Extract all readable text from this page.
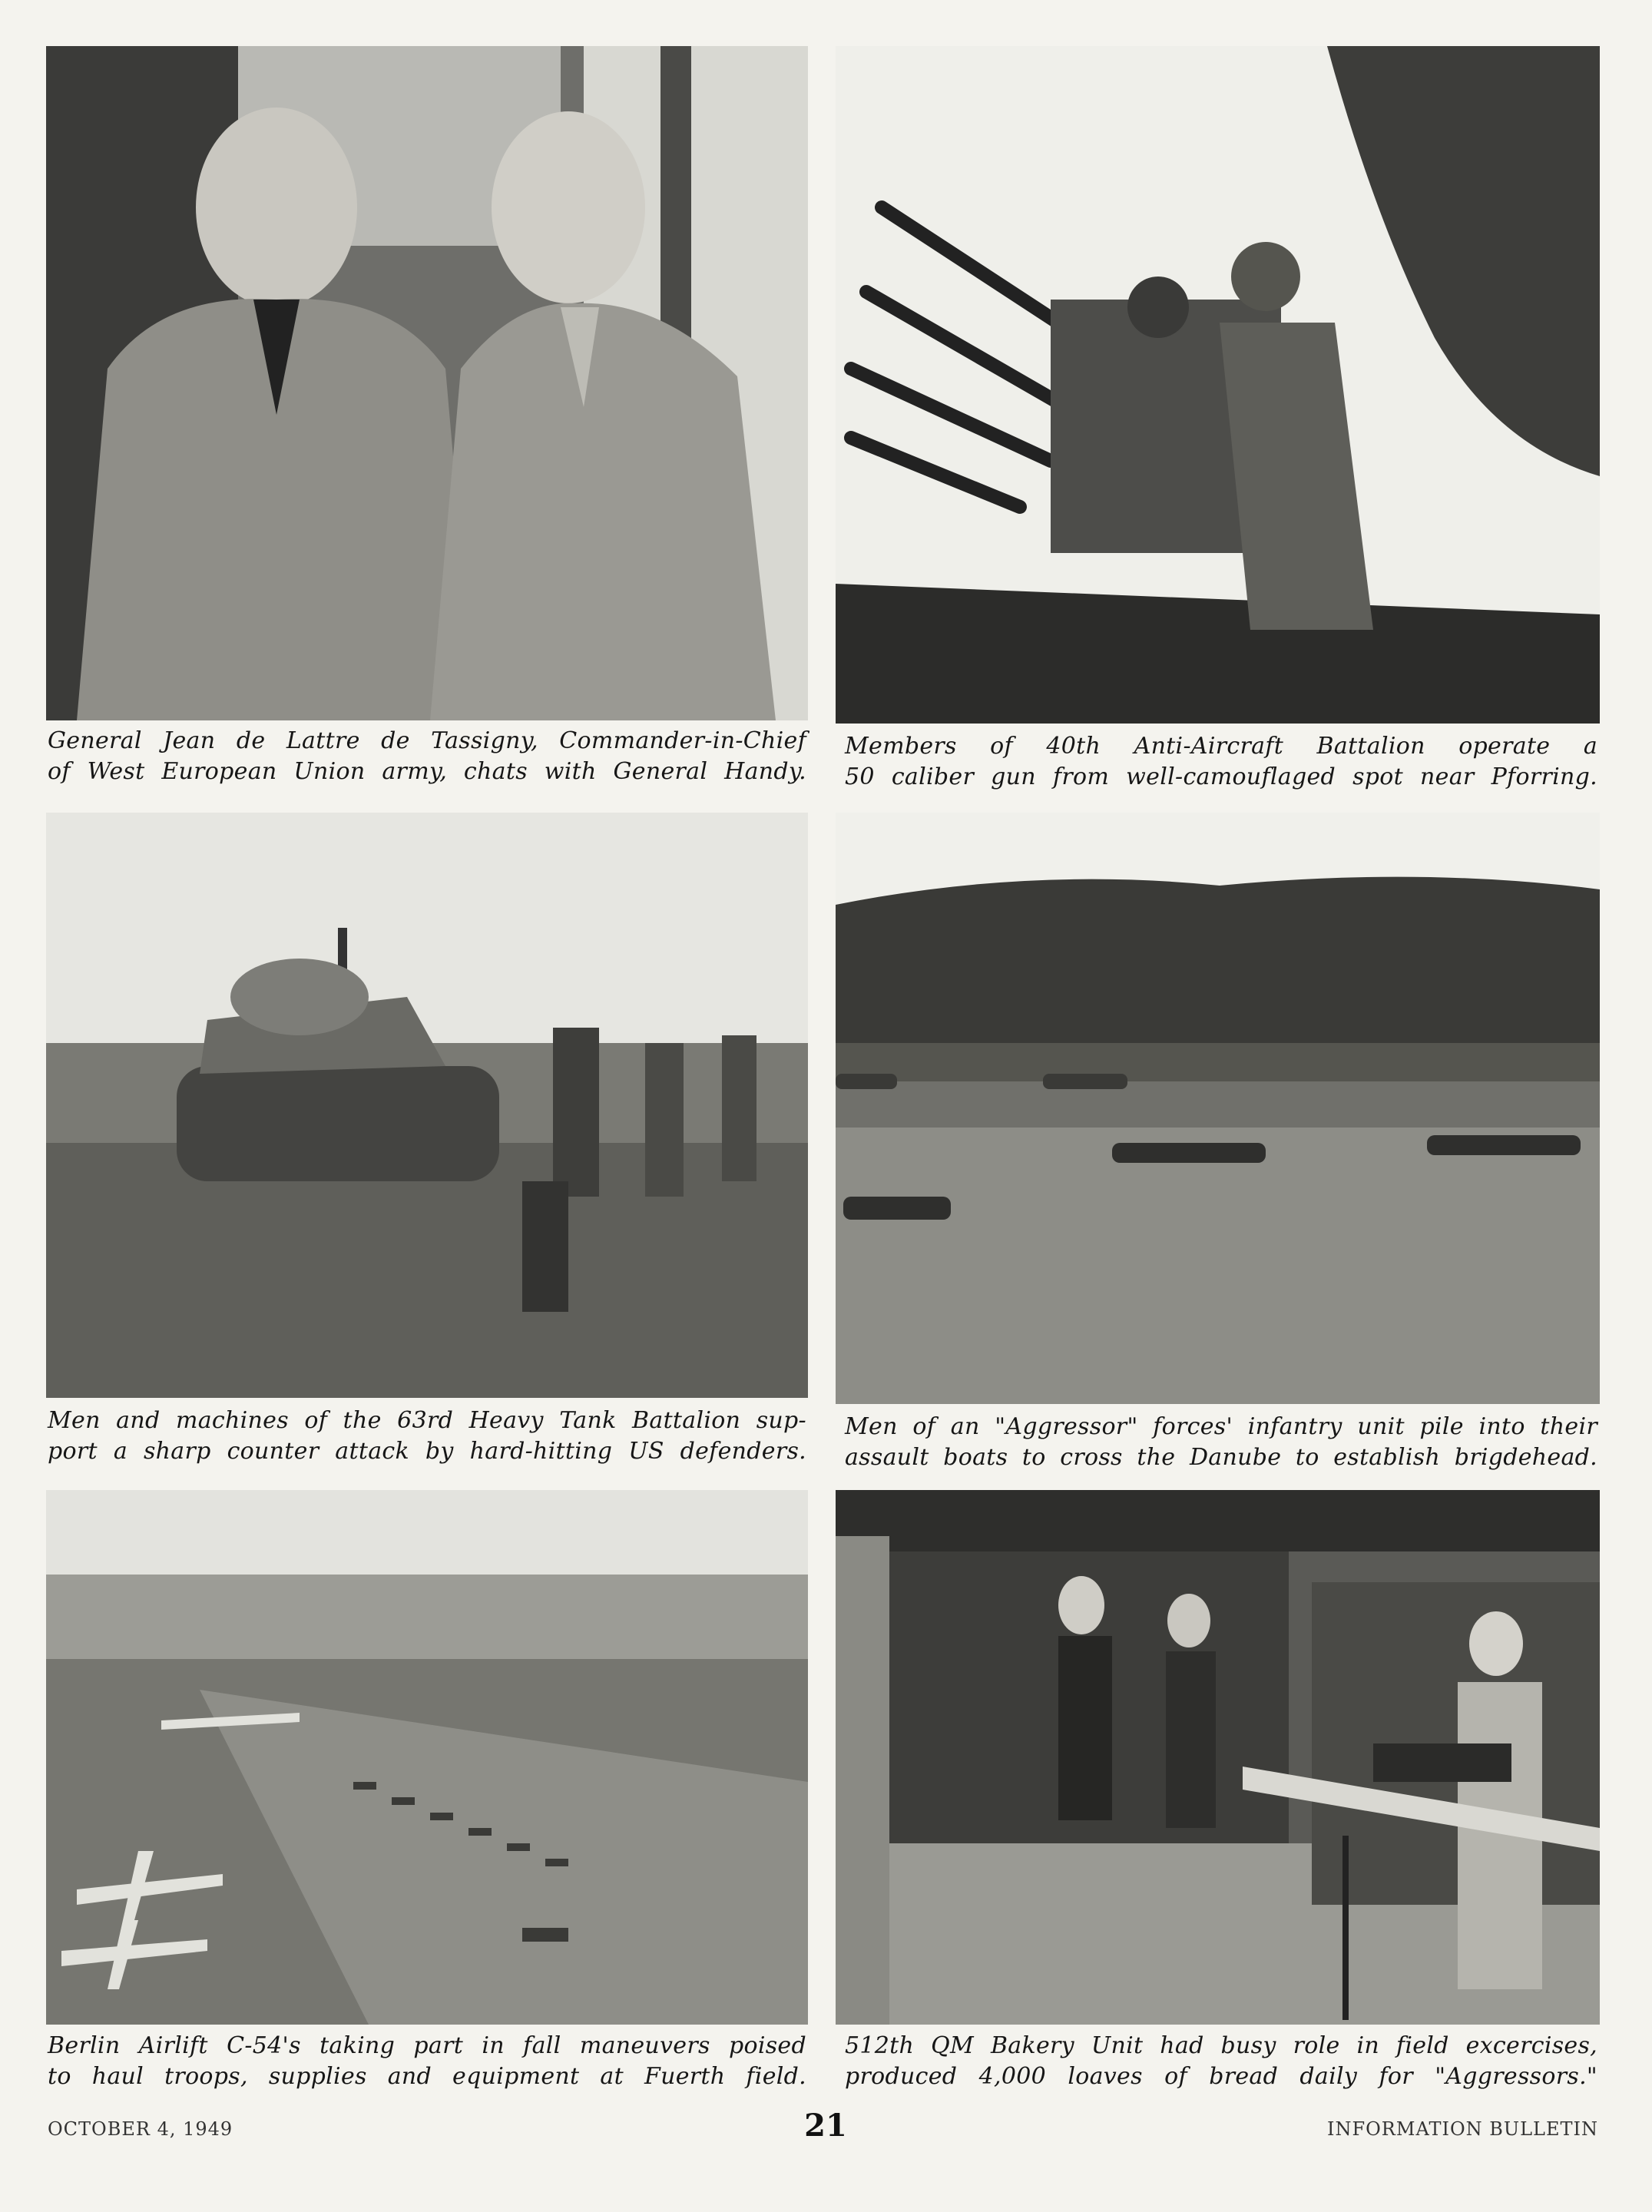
General Jean de Lattre de Tassigny, Commander-in-Chief
of West European Union army, chats with General Handy.
Members of 40th Anti-Aircraft Battalion operate a
50 caliber gun from well-camouflaged spot near Pforring.
Men and machines of the 63rd Heavy Tank Battalion sup-
port a sharp counter attack by hard-hitting US defenders.
Men of an "Aggressor" forces' infantry unit pile into their
assault boats to cross the Danube to establish brigdehead.
Berlin Airlift C-54's taking part in fall maneuvers poised
to haul troops, supplies and equipment at Fuerth field.
512th QM Bakery Unit had busy role in field excercises,
produced 4,000 loaves of bread daily for "Aggressors."
OCTOBER 4, 1949	21	INFORMATION BULLETIN
